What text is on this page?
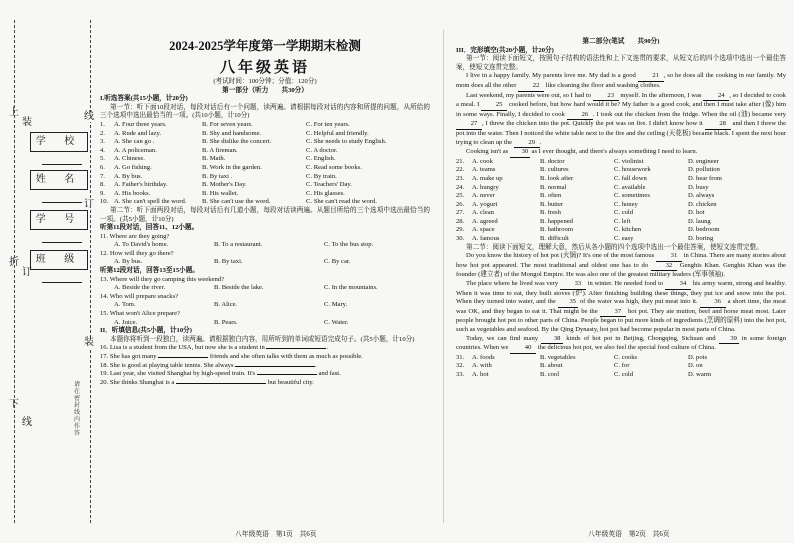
上
折
下
装
订
线
线
订
装
学 校
姓 名
学 号
班 级
请在密封线内作答
2024-2025学年度第一学期期末检测
八年级英语
(考试时间：100分钟；分值：120分)
第一部分（听力　　共30分）
I.听选答案(共15小题，计20分)
第一节：听下面10段对话，每段对话后有一个问题，读两遍。请根据每段对话的内容和所提的问题，从所给的三个选项中选出最恰当的一项。(共10小题，计10分)
1.	A. Four three years.	B. For seven years.	C. For ten years.
2.	A. Rude and lazy.	B. Shy and handsome.	C. Helpful and friendly.
3.	A. She can go .	B. She dislike the concert.	C. She needs to study English.
4.	A. A policeman.	B. A fireman.	C. A doctor.
5.	A. Chinese.	B. Math.	C. English.
6.	A. Go fishing.	B. Work in the garden.	C. Read some books.
7.	A. By bus.	B. By taxi .	C. By train.
8.	A. Father's birthday.	B. Mother's Day.	C. Teachers' Day.
9.	A. His books.	B. His wallet.	C. His glasses.
10. A. She can't spell the word.	B. She can't use the word.	C. She can't read the word.
第二节：听下面两段对话，每段对话后有几道小题，每段对话读两遍。从题目所给的三个选项中选出最恰当的一项。(共5小题，计10分)
听第11段对话，回答11、12小题。
11. Where are they going?
A. To David's home.	B. To a restaurant.	C. To the bus stop.
12. How will they go there?
A. By bus.	B. By taxi.	C. By car.
听第12段对话，回答13至15小题。
13. Where will they go camping this weekend?
A. Beside the river.	B. Beside the lake.	C. In the mountains.
14. Who will prepare snacks?
A. Tom.	B. Alice.	C. Mary.
15. What won't Alice prepare?
A. Juice.	B. Pears.	C. Water.
II．听填信息(共5小题，计10分)
本题你将听到一段独白，读两遍。请根据独白内容，用所听到的单词或短语完成句子。(共5小题，计10分)
16. Lisa is a student from the USA, but now she is a student in	.
17. She has got many	friends and she often talks with them as much as possible.
18. She is good at playing table tennis. She always	.
19. Last year, she visited Shanghai by high-speed train. It's	and fast.
20. She thinks Shanghai is a	but beautiful city.
八年级英语　第1页　共6页
第二部分(笔试　　共90分)
III．完形填空(共20小题，计20分)
第一节：阅读下面短文，按照句子结构的语法性和上下文连贯的要求，从短文后的四个选项中选出一个最佳答案，使短文连贯完整。
I live in a happy family. My parents love me. My dad is a good	21 , so he does all the cooking in our family. My mom does all the other 22 like cleaning the floor and washing clothes.
Last weekend, my parents were out, so I had to 23 myself. In the afternoon, I was 24 , so I decided to cook a meal. I	25 cooked before, but how hard would it be? My father is a good cook, and then I must take after (像) him in some ways. Finally, I decided to cook	26 . I took out the chicken from the fridge. When the oil (油) became very 27 , I threw the chicken into the pot. Quickly the pot was on fire. I didn't know how it	28 and then I threw the pot into the water. Then I noticed the white table next to the fire and the ceiling (天花板) became black. I spent the next hour trying to clean up the 29 .
Cooking isn't as 30 as I ever thought, and there's always something I need to learn.
21.	A. cook	B. doctor	C. violinist	D. engineer
22.	A. teams	B. cultures	C. housework	D. pollution
23.	A. make up	B. look after	C. fall down	D. hear from
24.	A. hungry	B. normal	C. available	D. busy
25.	A. never	B. often	C. sometimes	D. always
26.	A. yogurt	B. butter	C. honey	D. chicken
27.	A. clean	B. fresh	C. cold	D. hot
28.	A. agreed	B. happened	C. left	D. laung
29.	A. space	B. bathroom	C. kitchen	D. bedroom
30.	A. famous	B. difficult	C. easy	D. boring
第二节：阅读下面短文，理解大意，然后从各小题的四个选项中选出一个最佳答案，使短文连贯完整。
Do you know the history of hot pot (火锅)? It's one of the most famous 31 in China. There are many stories about how hot pot appeared. The most traditional and oldest one has to do	32 Genghis Khan. Genghis Khan was the founder (建立者) of the Mongol Empire. He was also one of the greatest military leaders (军事领袖).
The place where he lived was very 33 in winter. He needed food to 34 his army warm, strong and healthy. When it was time to eat, they built stoves (炉). After finishing building these things, they put ice and snow into the pot. When they turned into water, and the 35 of the water was high, they put meat into it.	36 a short time, the meat was OK, and they began to eat it. That might be the	37 hot pot. They ate mutton, beef and horse meat most. Later people brought hot pot to other parts of China. People began to put more kinds of ingredients (烹调的原料) into the hot pot, such as vegetables and seafood. By the Qing Dynasty, hot pot had become popular in most parts of China.
Today, we can find many 38 kinds of hot pot in Beijing, Chongqing, Sichuan and 39 in some foreign countries. When we 40 the delicious hot pot, we also feel the special food culture of China.
31.	A. foods	B. vegetables	C. cooks	D. pots
32.	A. with	B. about	C. for	D. on
33.	A. hot	B. cool	C. cold	D. warm
八年级英语　第2页　共6页
